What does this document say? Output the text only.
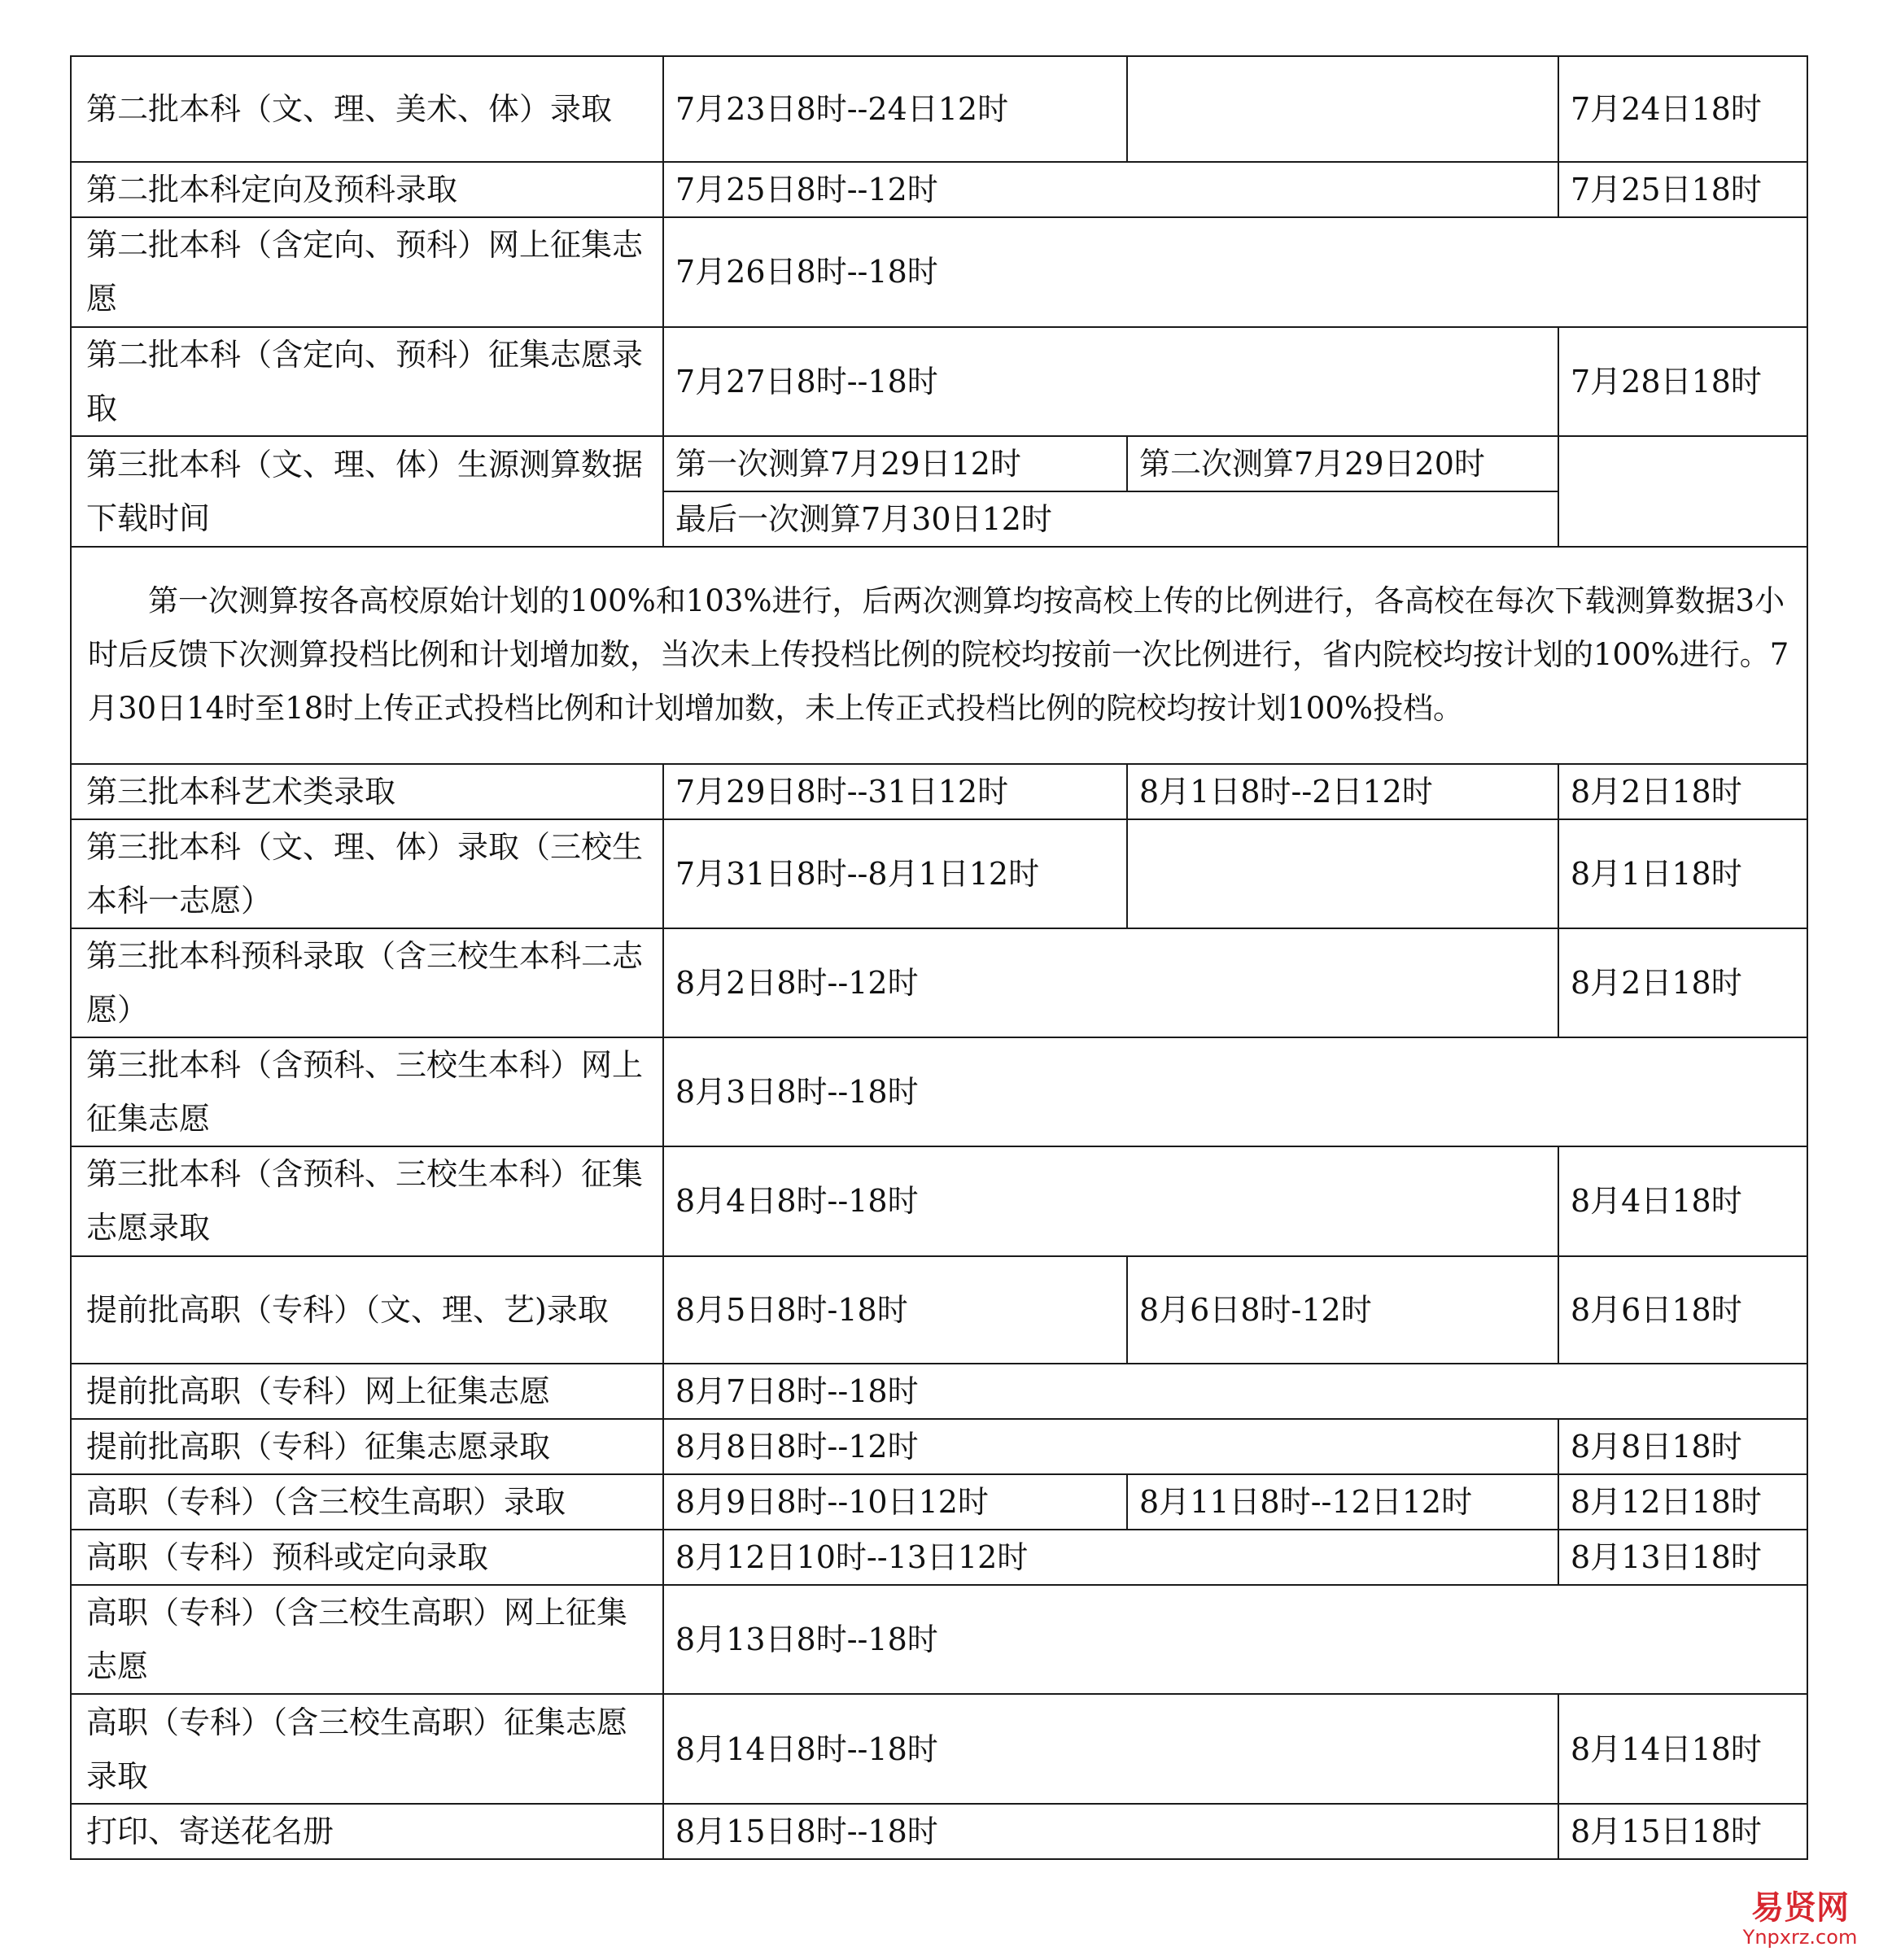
第二批本科（文、理、美术、体）录取	7月23日8时--24日12时		7月24日18时
第二批本科定向及预科录取	7月25日8时--12时		7月25日18时
第二批本科（含定向、预科）网上征集志愿	7月26日8时--18时		
第二批本科（含定向、预科）征集志愿录取	7月27日8时--18时		7月28日18时
第三批本科（文、理、体）生源测算数据下载时间	第一次测算7月29日12时	第二次测算7月29日20时	
	最后一次测算7月30日12时		
第一次测算按各高校原始计划的100%和103%进行，后两次测算均按高校上传的比例进行，各高校在每次下载测算数据3小时后反馈下次测算投档比例和计划增加数，当次未上传投档比例的院校均按前一次比例进行，省内院校均按计划的100%进行。7月30日14时至18时上传正式投档比例和计划增加数，未上传正式投档比例的院校均按计划100%投档。			
第三批本科艺术类录取	7月29日8时--31日12时	8月1日8时--2日12时	8月2日18时
第三批本科（文、理、体）录取（三校生本科一志愿）	7月31日8时--8月1日12时		8月1日18时
第三批本科预科录取（含三校生本科二志愿）	8月2日8时--12时		8月2日18时
第三批本科（含预科、三校生本科）网上征集志愿	8月3日8时--18时		
第三批本科（含预科、三校生本科）征集志愿录取	8月4日8时--18时		8月4日18时
提前批高职（专科）（文、理、艺)录取	8月5日8时-18时	8月6日8时-12时	8月6日18时
提前批高职（专科）网上征集志愿	8月7日8时--18时		
提前批高职（专科）征集志愿录取	8月8日8时--12时		8月8日18时
高职（专科）（含三校生高职）录取	8月9日8时--10日12时	8月11日8时--12日12时	8月12日18时
高职（专科）预科或定向录取	8月12日10时--13日12时		8月13日18时
高职（专科）（含三校生高职）网上征集志愿	8月13日8时--18时		
高职（专科）（含三校生高职）征集志愿录取	8月14日8时--18时		8月14日18时
打印、寄送花名册	8月15日8时--18时		8月15日18时
易贤网
Ynpxrz.com
